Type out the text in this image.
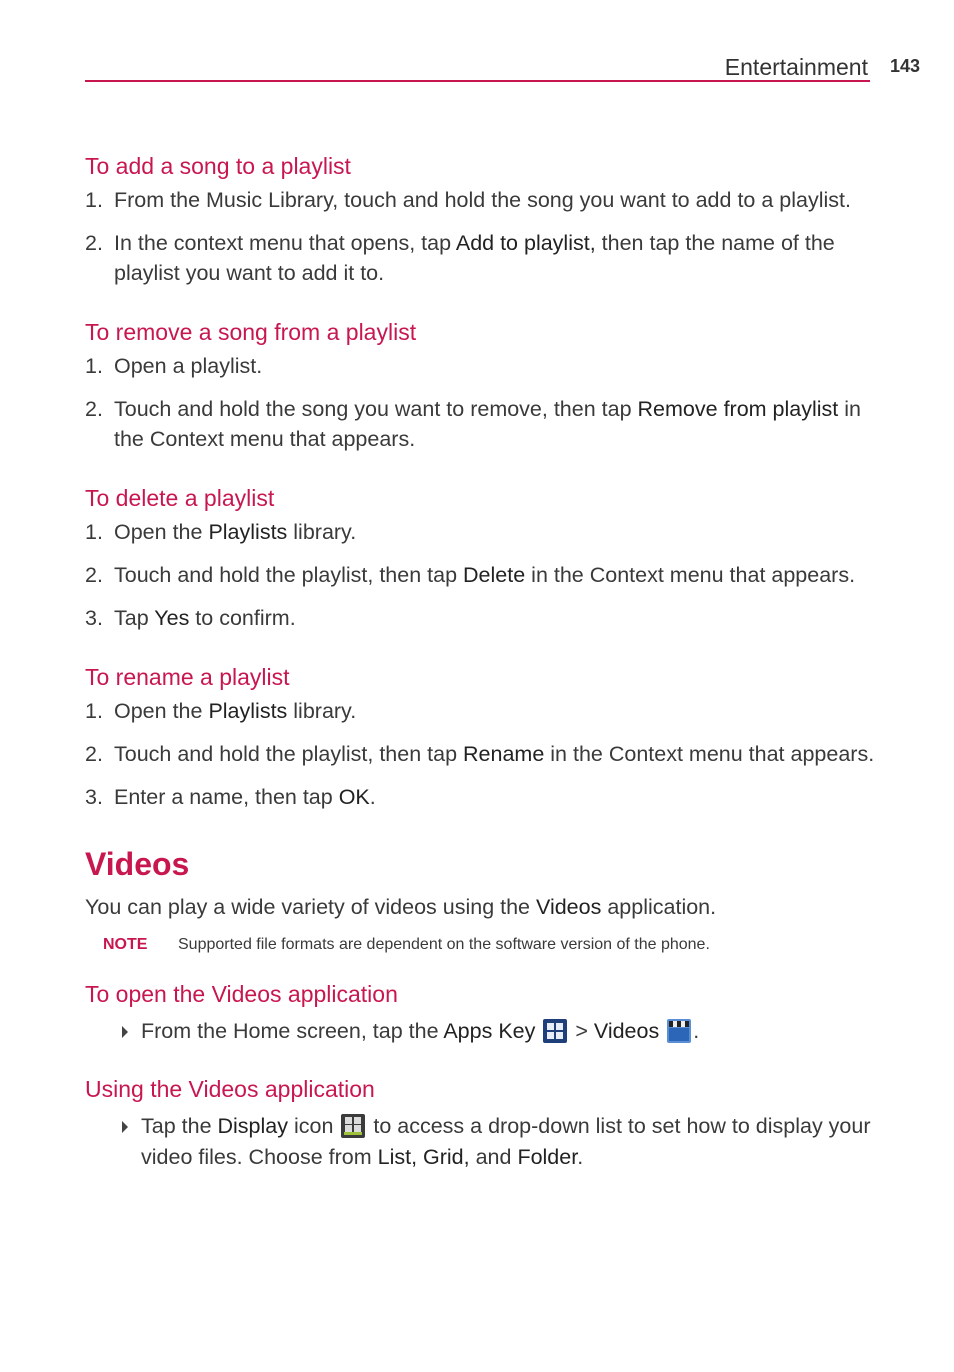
Entertainment 143
To add a song to a playlist
1. From the Music Library, touch and hold the song you want to add to a playlist.
2. In the context menu that opens, tap Add to playlist, then tap the name of the playlist you want to add it to.
To remove a song from a playlist
1. Open a playlist.
2. Touch and hold the song you want to remove, then tap Remove from playlist in the Context menu that appears.
To delete a playlist
1. Open the Playlists library.
2. Touch and hold the playlist, then tap Delete in the Context menu that appears.
3. Tap Yes to confirm.
To rename a playlist
1. Open the Playlists library.
2. Touch and hold the playlist, then tap Rename in the Context menu that appears.
3. Enter a name, then tap OK.
Videos
You can play a wide variety of videos using the Videos application.
NOTE	Supported file formats are dependent on the software version of the phone.
To open the Videos application
From the Home screen, tap the Apps Key
> Videos .
Using the Videos application
Tap the Display icon
to access a drop-down list to set how to display your video files. Choose from List, Grid, and Folder.
